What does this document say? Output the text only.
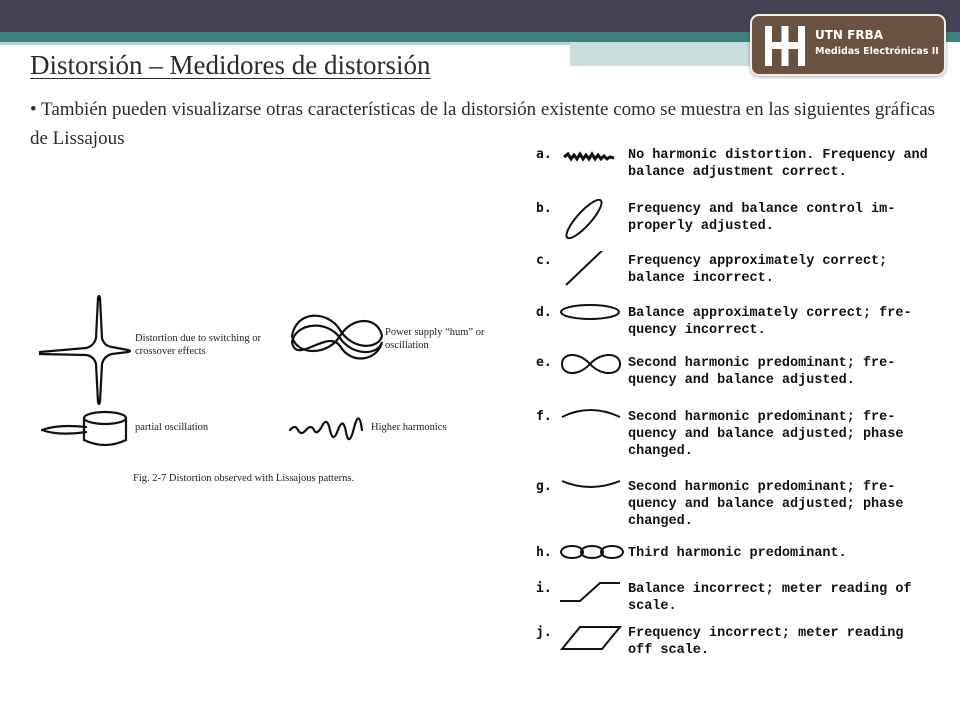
UTN FRBA
Medidas Electrónicas II
Distorsión – Medidores de distorsión
• También pueden visualizarse otras características de la distorsión existente como se muestra en las siguientes gráficas de Lissajous
Distortion due to switching or crossover effects
Power supply “hum” or oscillation
partial oscillation	Higher harmonics
Fig. 2-7 Distortion observed with Lissajous patterns.
a.	No harmonic distortion. Frequency and balance adjustment correct.
b.	Frequency and balance control im-properly adjusted.
c.	Frequency approximately correct; balance incorrect.
d.	Balance approximately correct; fre-quency incorrect.
e.	Second harmonic predominant; fre-quency and balance adjusted.
f.	Second harmonic predominant; fre-quency and balance adjusted; phase changed.
g.	Second harmonic predominant; fre-quency and balance adjusted; phase changed.
h.	Third harmonic predominant.
i.	Balance incorrect; meter reading of scale.
j.	Frequency incorrect; meter reading off scale.
